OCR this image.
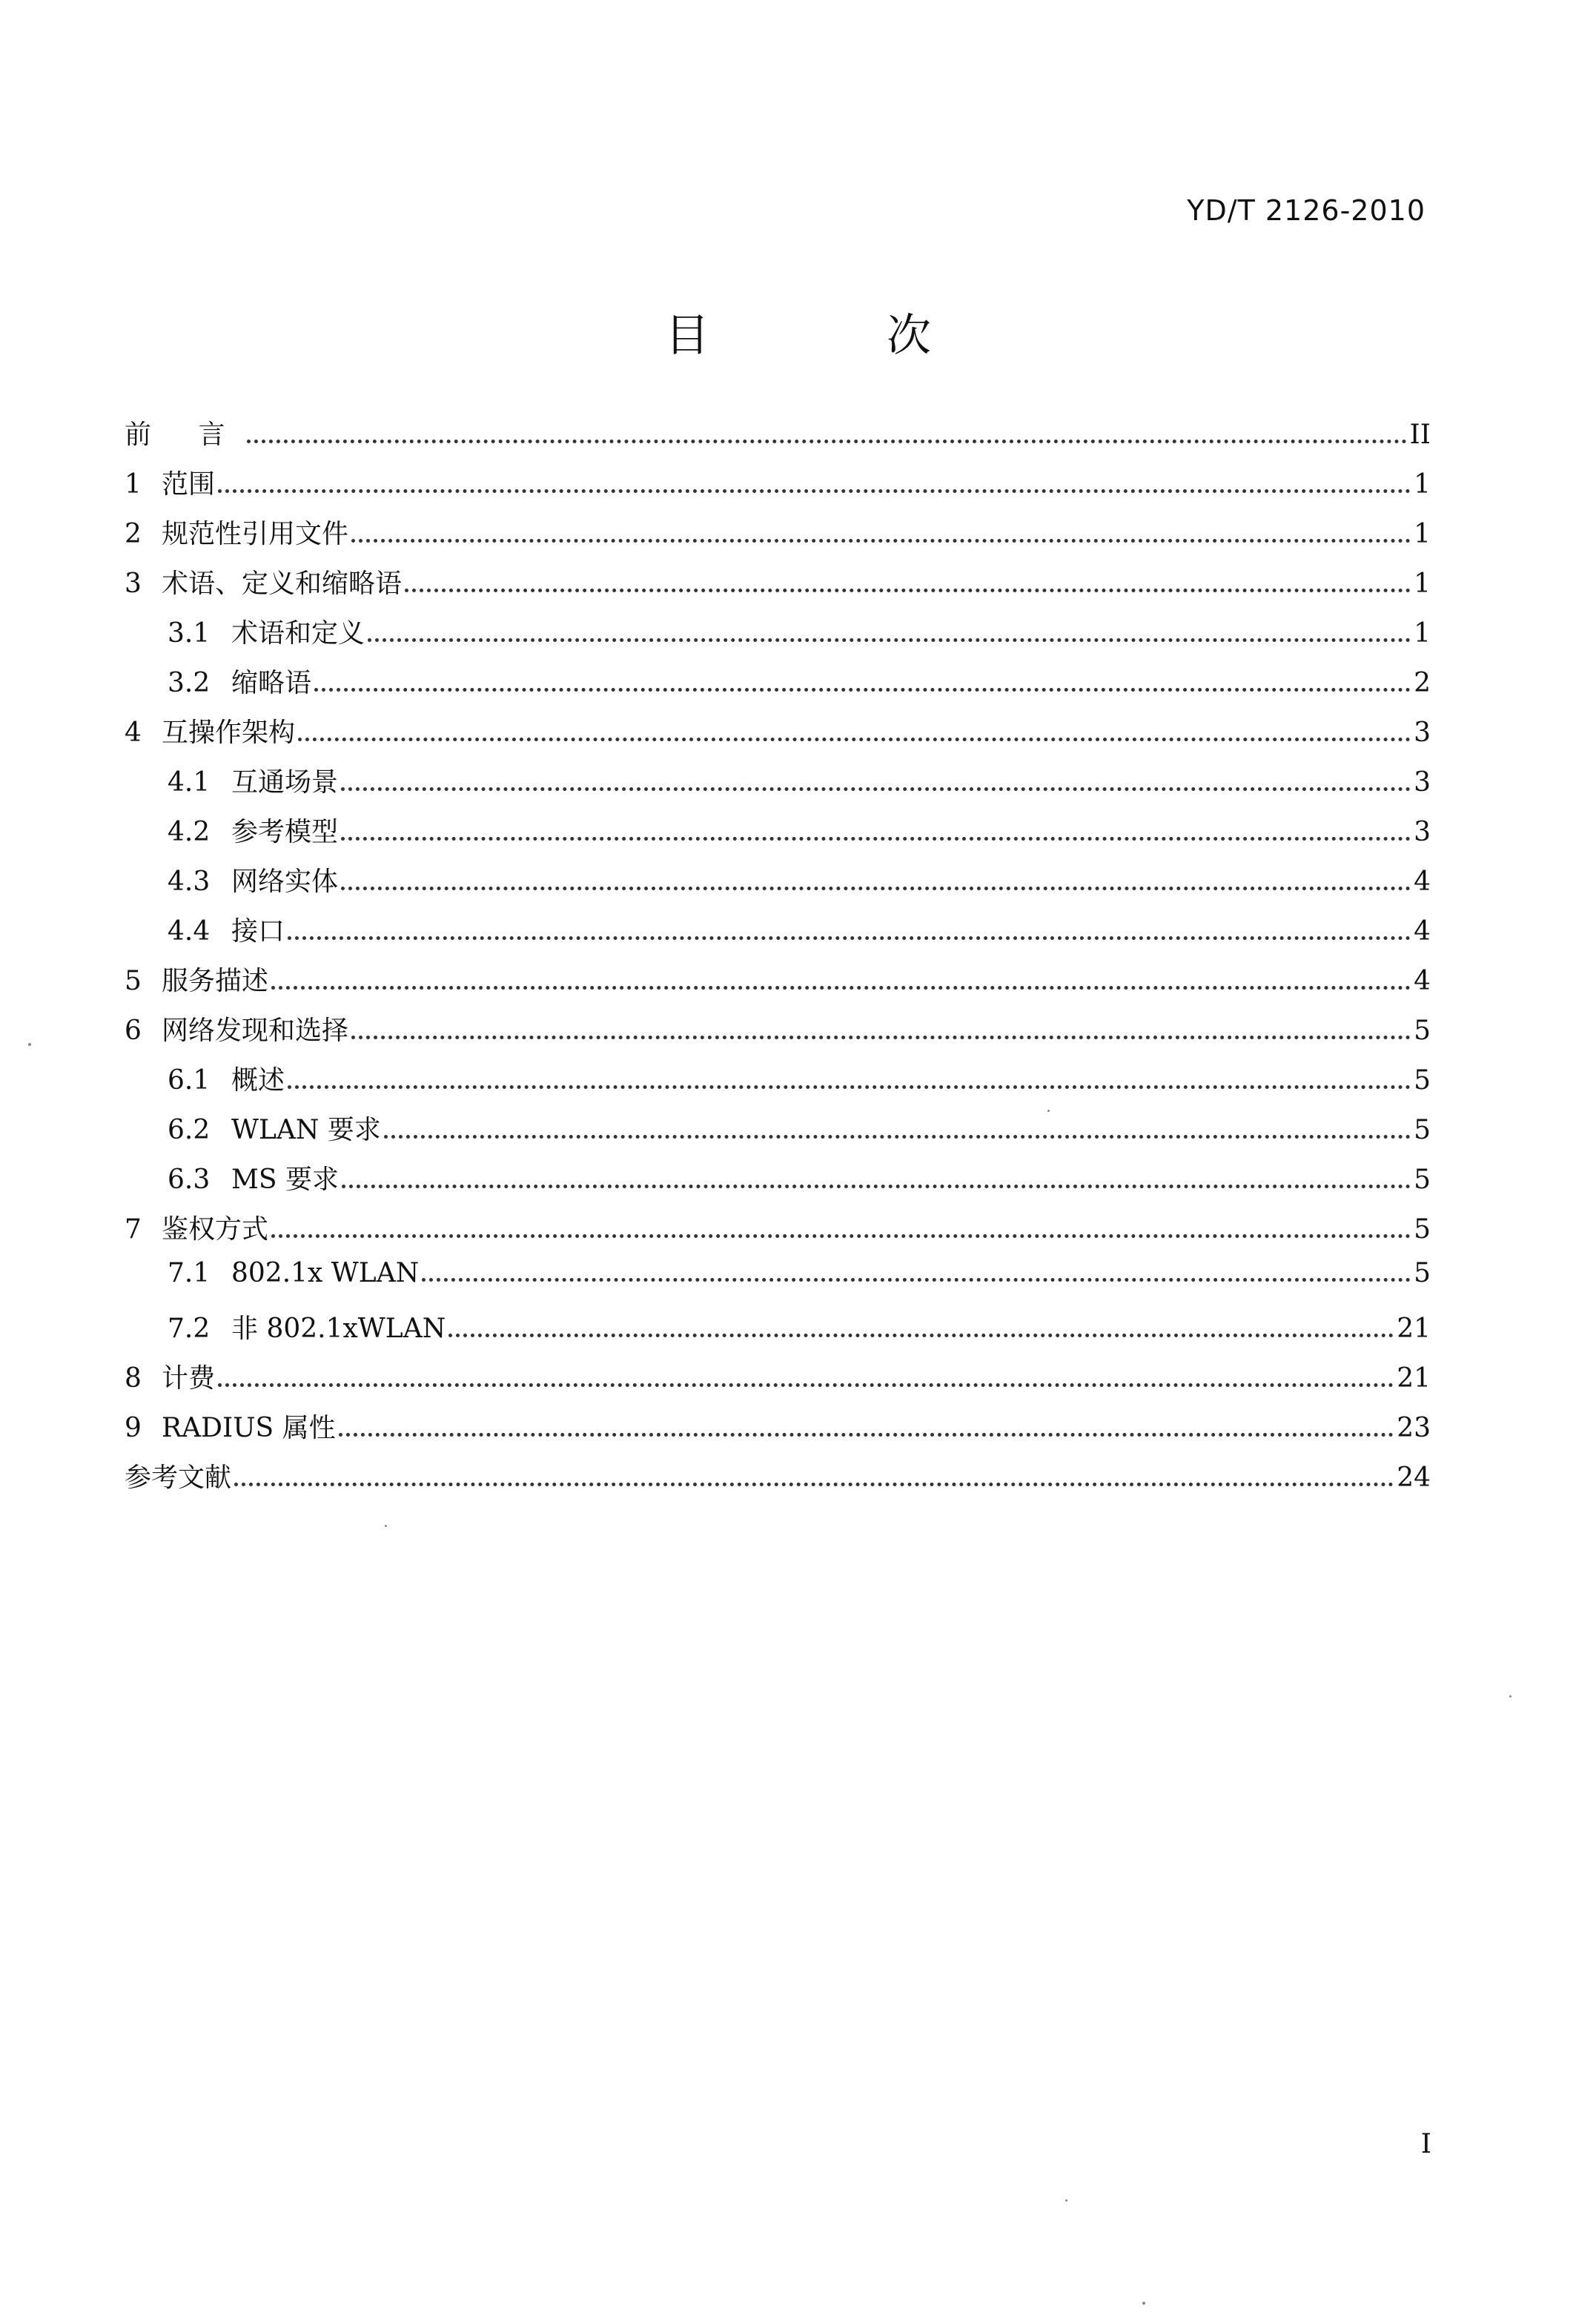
YD/T 2126-2010
目 次
前 言	II
1 范围	1
2 规范性引用文件	1
3 术语、定义和缩略语	1
3.1 术语和定义	1
3.2 缩略语	2
4 互操作架构	3
4.1 互通场景	3
4.2 参考模型	3
4.3 网络实体	4
4.4 接口	4
5 服务描述	4
6 网络发现和选择	5
6.1 概述	5
6.2 WLAN 要求	5
6.3 MS 要求	5
7 鉴权方式	5
7.1 802.1x WLAN	5
7.2 非 802.1xWLAN	21
8 计费	21
9 RADIUS 属性	23
参考文献	24
I
